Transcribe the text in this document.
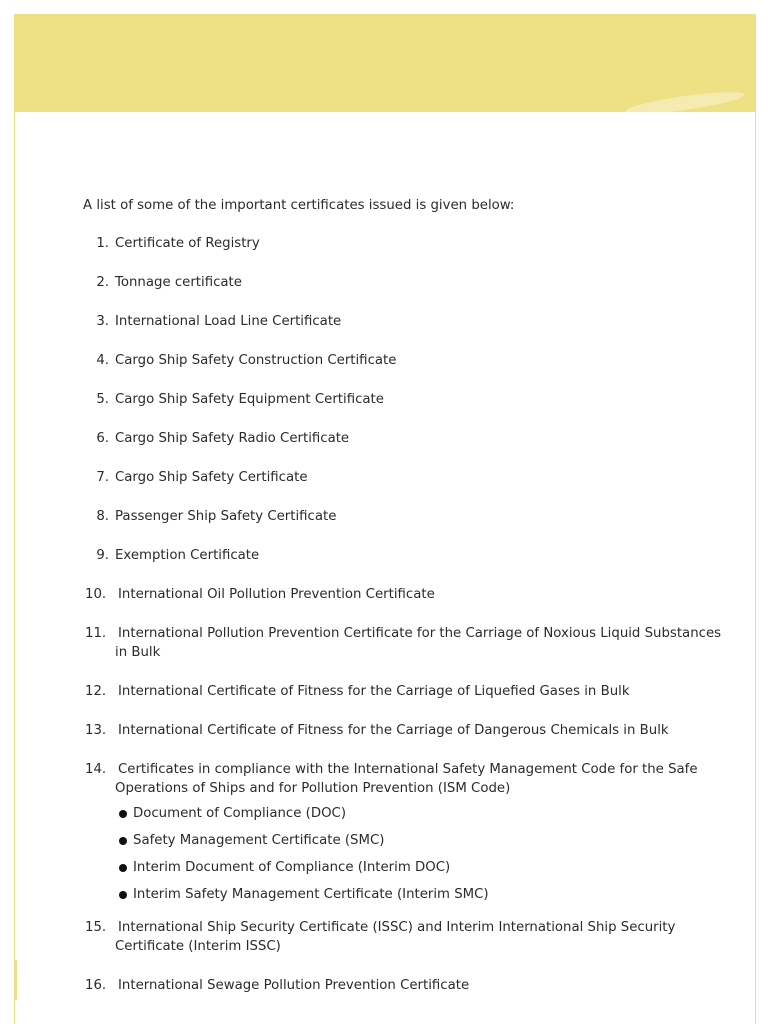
A list of some of the important certificates issued is given below:

1. Certificate of Registry
2. Tonnage certificate
3. International Load Line Certificate
4. Cargo Ship Safety Construction Certificate
5. Cargo Ship Safety Equipment Certificate
6. Cargo Ship Safety Radio Certificate
7. Cargo Ship Safety Certificate
8. Passenger Ship Safety Certificate
9. Exemption Certificate
10. International Oil Pollution Prevention Certificate
11. International Pollution Prevention Certificate for the Carriage of Noxious Liquid Substances in Bulk
12. International Certificate of Fitness for the Carriage of Liquefied Gases in Bulk
13. International Certificate of Fitness for the Carriage of Dangerous Chemicals in Bulk
14. Certificates in compliance with the International Safety Management Code for the Safe Operations of Ships and for Pollution Prevention (ISM Code)
Document of Compliance (DOC)
Safety Management Certificate (SMC)
Interim Document of Compliance (Interim DOC)
Interim Safety Management Certificate (Interim SMC)
15. International Ship Security Certificate (ISSC) and Interim International Ship Security Certificate (Interim ISSC)
16. International Sewage Pollution Prevention Certificate
